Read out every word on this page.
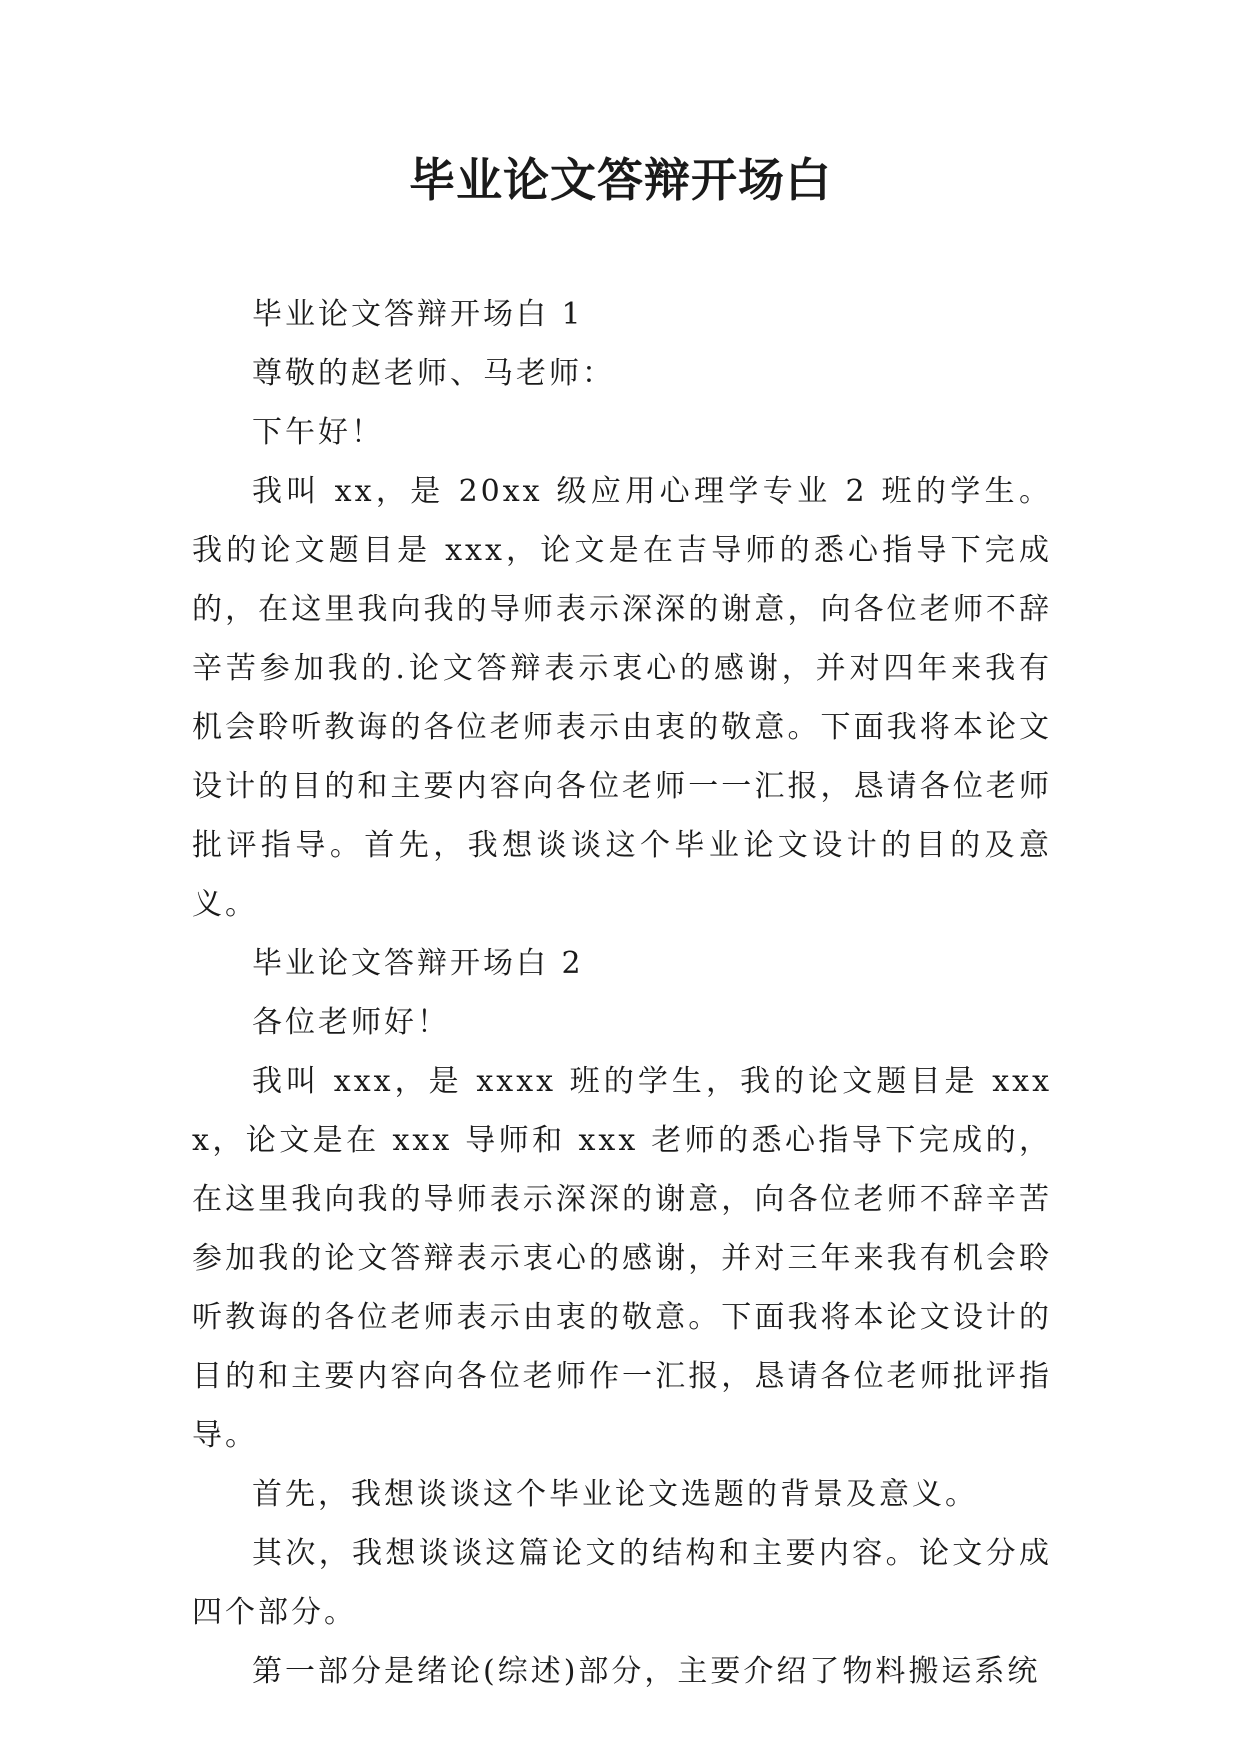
毕业论文答辩开场白

毕业论文答辩开场白 1

尊敬的赵老师、马老师：

下午好！

我叫 xx，是 20xx 级应用心理学专业 2 班的学生。我的论文题目是 xxx，论文是在吉导师的悉心指导下完成的，在这里我向我的导师表示深深的谢意，向各位老师不辞辛苦参加我的.论文答辩表示衷心的感谢，并对四年来我有机会聆听教诲的各位老师表示由衷的敬意。下面我将本论文设计的目的和主要内容向各位老师一一汇报，恳请各位老师批评指导。首先，我想谈谈这个毕业论文设计的目的及意义。

毕业论文答辩开场白 2

各位老师好！

我叫 xxx，是 xxxx 班的学生，我的论文题目是 xxxx，论文是在 xxx 导师和 xxx 老师的悉心指导下完成的，在这里我向我的导师表示深深的谢意，向各位老师不辞辛苦参加我的论文答辩表示衷心的感谢，并对三年来我有机会聆听教诲的各位老师表示由衷的敬意。下面我将本论文设计的目的和主要内容向各位老师作一汇报，恳请各位老师批评指导。

首先，我想谈谈这个毕业论文选题的背景及意义。

其次，我想谈谈这篇论文的结构和主要内容。论文分成四个部分。

第一部分是绪论(综述)部分，主要介绍了物料搬运系统
